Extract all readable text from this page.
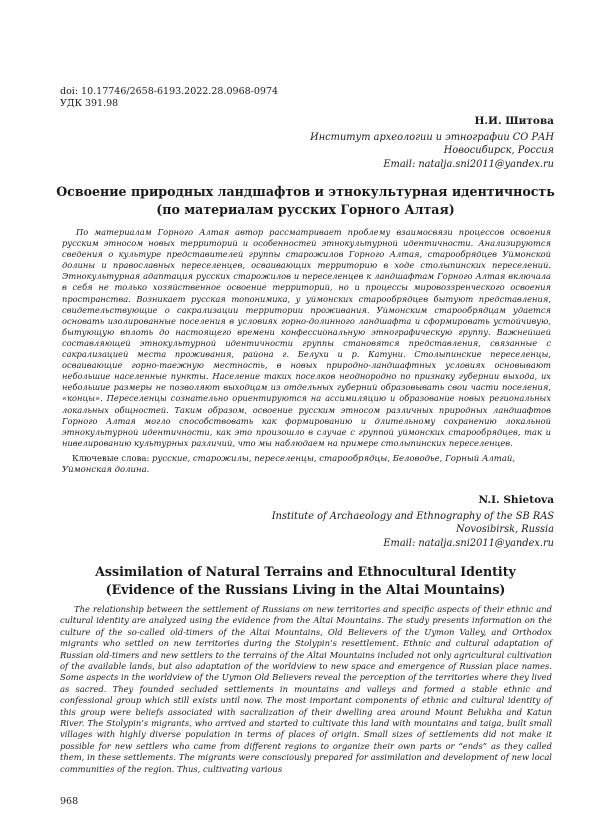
doi: 10.17746/2658-6193.2022.28.0968-0974
УДК 391.98
Н.И. Шитова
Институт археологии и этнографии СО РАН
Новосибирск, Россия
Email: natalja.sni2011@yandex.ru
Освоение природных ландшафтов и этнокультурная идентичность
(по материалам русских Горного Алтая)
По материалам Горного Алтая автор рассматривает проблему взаимосвязи процессов освоения русским этносом новых территорий и особенностей этнокультурной идентичности. Анализируются сведения о культуре представителей группы старожилов Горного Алтая, старообрядцев Уймонской долины и православных переселенцев, осваивающих территорию в ходе столыпинских переселений. Этнокультурная адаптация русских старожилов и переселенцев к ландшафтам Горного Алтая включала в себя не только хозяйственное освоение территорий, но и процессы мировоззренческого освоения пространства. Возникает русская топонимика, у уймонских старообрядцев бытуют представления, свидетельствующие о сакрализации территории проживания. Уймонским старообрядцам удается основать изолированные поселения в условиях горно-долинного ландшафта и сформировать устойчивую, бытующую вплоть до настоящего времени конфессиональную этнографическую группу. Важнейшей составляющей этнокультурной идентичности группы становятся представления, связанные с сакрализацией места проживания, района г. Белухи и р. Катуни. Столыпинские переселенцы, осваивающие горно-таежную местность, в новых природно-ландшафтных условиях основывают небольшие населенные пункты. Население таких поселков неоднородно по признаку губернии выхода, их небольшие размеры не позволяют выходцам из отдельных губерний образовывать свои части поселения, «концы». Переселенцы сознательно ориентируются на ассимиляцию и образование новых региональных локальных общностей. Таким образом, освоение русским этносом различных природных ландшафтов Горного Алтая могло способствовать как формированию и длительному сохранению локальной этнокультурной идентичности, как это произошло в случае с группой уймонских старообрядцев, так и нивелированию культурных различий, что мы наблюдаем на примере столыпинских переселенцев.
Ключевые слова: русские, старожилы, переселенцы, старообрядцы, Беловодье, Горный Алтай, Уймонская долина.
N.I. Shietova
Institute of Archaeology and Ethnography of the SB RAS
Novosibirsk, Russia
Email: natalja.sni2011@yandex.ru
Assimilation of Natural Terrains and Ethnocultural Identity
(Evidence of the Russians Living in the Altai Mountains)
The relationship between the settlement of Russians on new territories and specific aspects of their ethnic and cultural identity are analyzed using the evidence from the Altai Mountains. The study presents information on the culture of the so-called old-timers of the Altai Mountains, Old Believers of the Uymon Valley, and Orthodox migrants who settled on new territories during the Stolypin’s resettlement. Ethnic and cultural adaptation of Russian old-timers and new settlers to the terrains of the Altai Mountains included not only agricultural cultivation of the available lands, but also adaptation of the worldview to new space and emergence of Russian place names. Some aspects in the worldview of the Uymon Old Believers reveal the perception of the territories where they lived as sacred. They founded secluded settlements in mountains and valleys and formed a stable ethnic and confessional group which still exists until now. The most important components of ethnic and cultural identity of this group were beliefs associated with sacralization of their dwelling area around Mount Belukha and Katun River. The Stolypin’s migrants, who arrived and started to cultivate this land with mountains and taiga, built small villages with highly diverse population in terms of places of origin. Small sizes of settlements did not make it possible for new settlers who came from different regions to organize their own parts or “ends” as they called them, in these settlements. The migrants were consciously prepared for assimilation and development of new local communities of the region. Thus, cultivating various
968
